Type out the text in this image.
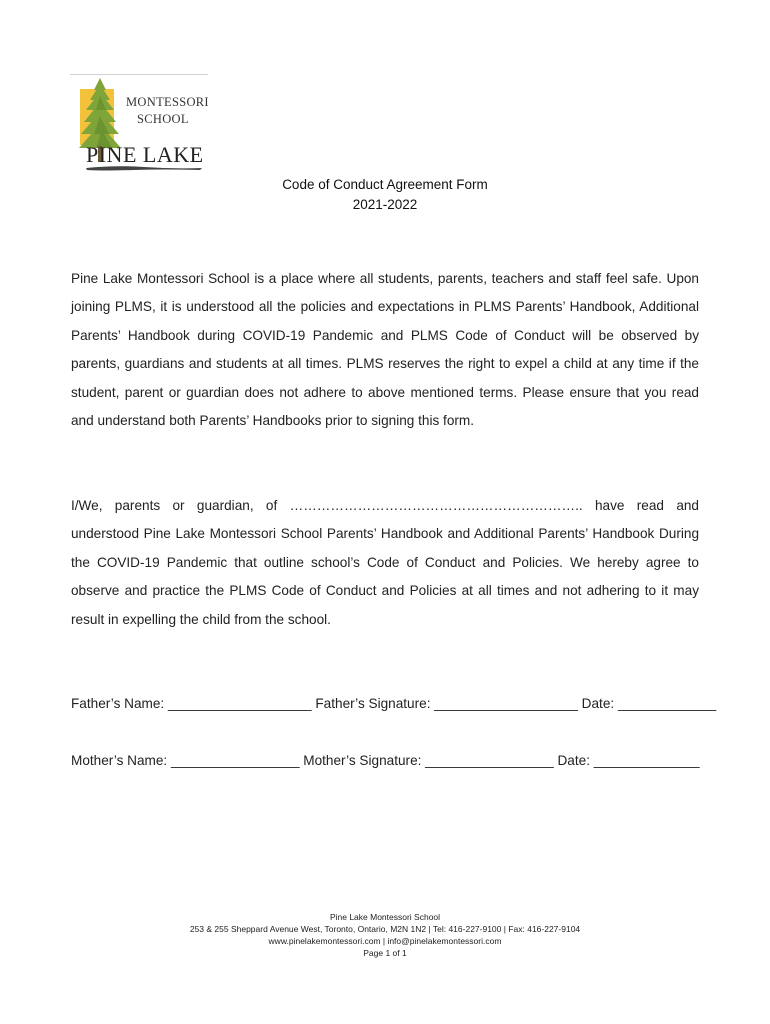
MONTESSORI
SCHOOL
PINE LAKE
Code of Conduct Agreement Form
2021-2022

Pine Lake Montessori School is a place where all students, parents, teachers and staff feel safe. Upon joining PLMS, it is understood all the policies and expectations in PLMS Parents’ Handbook, Additional Parents’ Handbook during COVID-19 Pandemic and PLMS Code of Conduct will be observed by parents, guardians and students at all times. PLMS reserves the right to expel a child at any time if the student, parent or guardian does not adhere to above mentioned terms. Please ensure that you read and understand both Parents’ Handbooks prior to signing this form.

I/We, parents or guardian, of ……………………………………………………….. have read and understood Pine Lake Montessori School Parents’ Handbook and Additional Parents’ Handbook During the COVID-19 Pandemic that outline school’s Code of Conduct and Policies. We hereby agree to observe and practice the PLMS Code of Conduct and Policies at all times and not adhering to it may result in expelling the child from the school.

Father’s Name: ___________________ Father’s Signature: ___________________ Date: _____________
Mother’s Name: _________________ Mother’s Signature: _________________ Date: ______________
Pine Lake Montessori School
253 & 255 Sheppard Avenue West, Toronto, Ontario, M2N 1N2 | Tel: 416-227-9100 | Fax: 416-227-9104
www.pinelakemontessori.com | info@pinelakemontessori.com
Page 1 of 1
